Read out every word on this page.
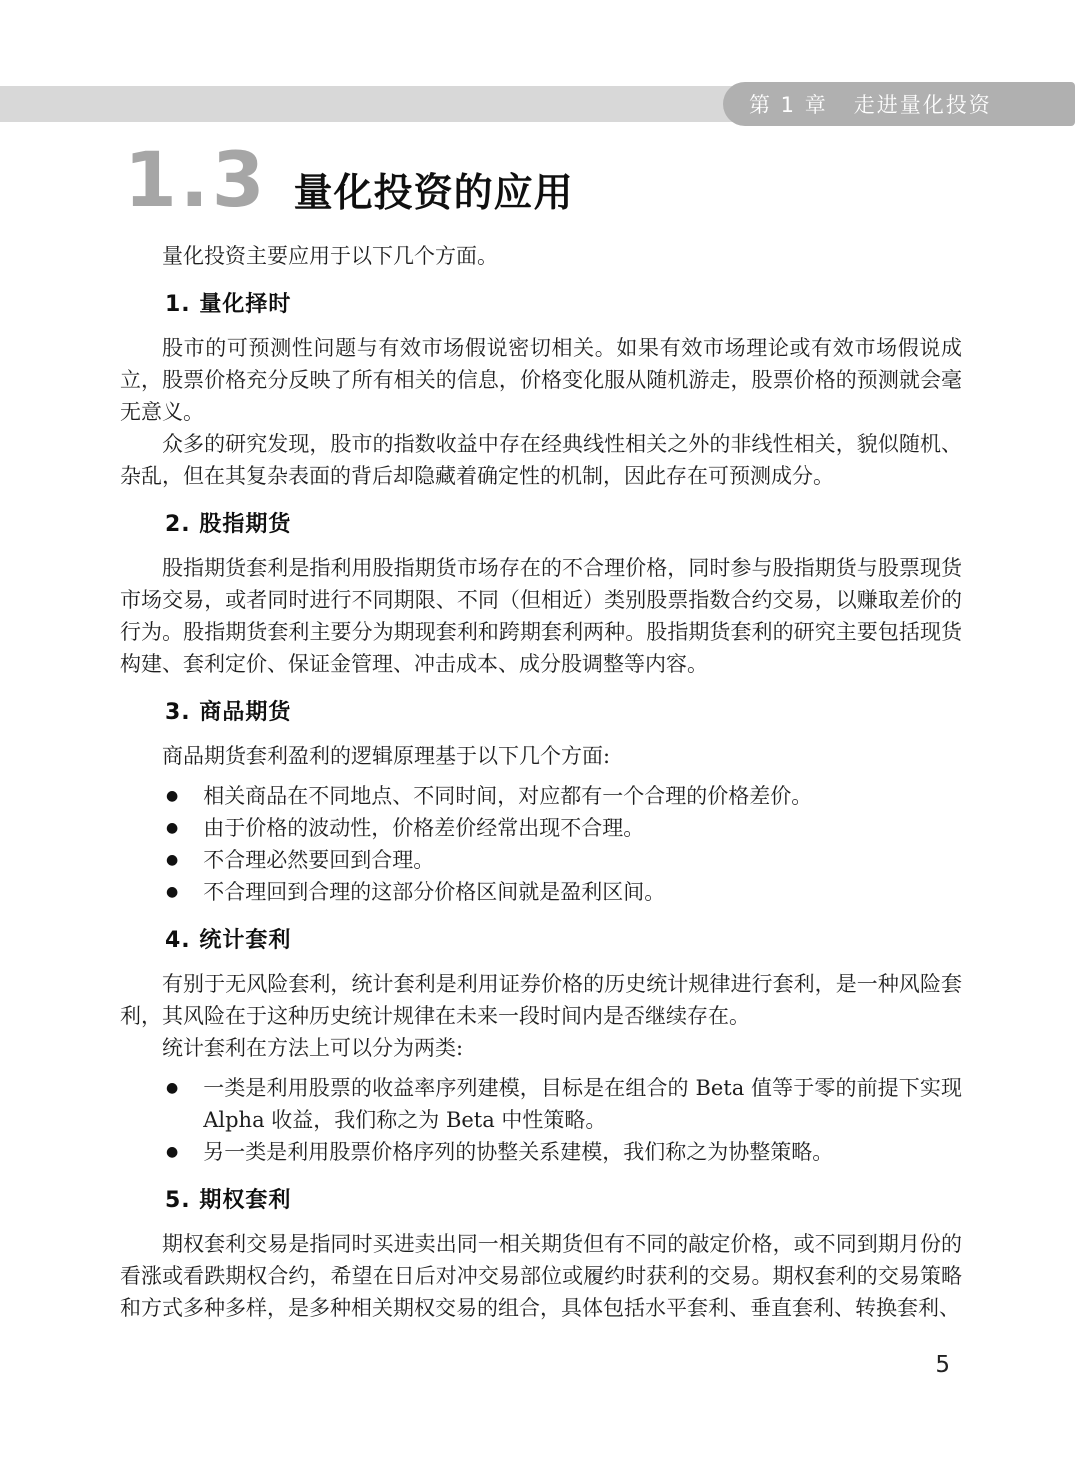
第 1 章 走进量化投资
1.3 量化投资的应用

量化投资主要应用于以下几个方面。

1. 量化择时

股市的可预测性问题与有效市场假说密切相关。如果有效市场理论或有效市场假说成立，股票价格充分反映了所有相关的信息，价格变化服从随机游走，股票价格的预测就会毫无意义。

众多的研究发现，股市的指数收益中存在经典线性相关之外的非线性相关，貌似随机、杂乱，但在其复杂表面的背后却隐藏着确定性的机制，因此存在可预测成分。

2. 股指期货

股指期货套利是指利用股指期货市场存在的不合理价格，同时参与股指期货与股票现货市场交易，或者同时进行不同期限、不同（但相近）类别股票指数合约交易，以赚取差价的行为。股指期货套利主要分为期现套利和跨期套利两种。股指期货套利的研究主要包括现货构建、套利定价、保证金管理、冲击成本、成分股调整等内容。

3. 商品期货

商品期货套利盈利的逻辑原理基于以下几个方面:

● 相关商品在不同地点、不同时间，对应都有一个合理的价格差价。
● 由于价格的波动性，价格差价经常出现不合理。
● 不合理必然要回到合理。
● 不合理回到合理的这部分价格区间就是盈利区间。
4. 统计套利

有别于无风险套利，统计套利是利用证券价格的历史统计规律进行套利，是一种风险套利，其风险在于这种历史统计规律在未来一段时间内是否继续存在。

统计套利在方法上可以分为两类:

● 一类是利用股票的收益率序列建模，目标是在组合的 Beta 值等于零的前提下实现 Alpha 收益，我们称之为 Beta 中性策略。
● 另一类是利用股票价格序列的协整关系建模，我们称之为协整策略。
5. 期权套利

期权套利交易是指同时买进卖出同一相关期货但有不同的敲定价格，或不同到期月份的看涨或看跌期权合约，希望在日后对冲交易部位或履约时获利的交易。期权套利的交易策略和方式多种多样，是多种相关期权交易的组合，具体包括水平套利、垂直套利、转换套利、

5
